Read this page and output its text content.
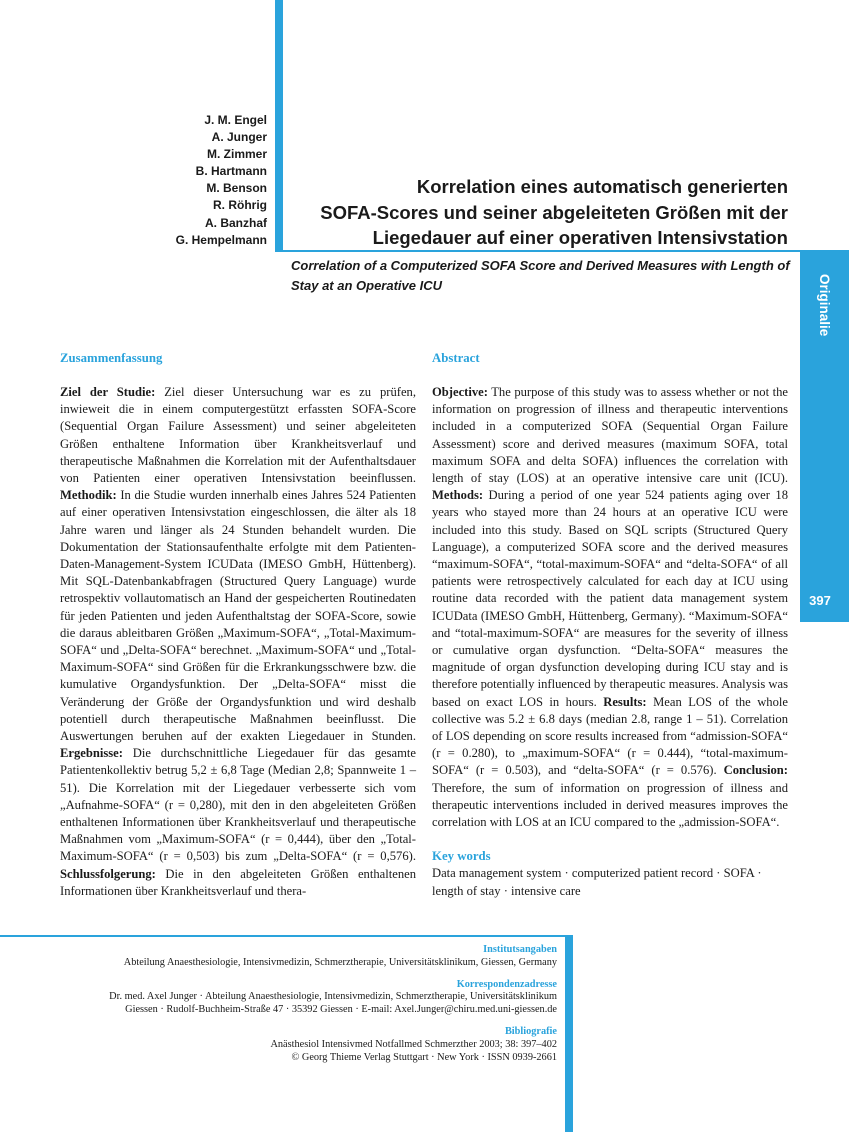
Originalie
397
J. M. Engel
A. Junger
M. Zimmer
B. Hartmann
M. Benson
R. Röhrig
A. Banzhaf
G. Hempelmann
Korrelation eines automatisch generierten
SOFA-Scores und seiner abgeleiteten Größen mit der
Liegedauer auf einer operativen Intensivstation
Correlation of a Computerized SOFA Score and Derived Measures with Length of Stay at an Operative ICU
Zusammenfassung
Ziel der Studie: Ziel dieser Untersuchung war es zu prüfen, inwieweit die in einem computergestützt erfassten SOFA-Score (Sequential Organ Failure Assessment) und seiner abgeleiteten Größen enthaltene Information über Krankheitsverlauf und therapeutische Maßnahmen die Korrelation mit der Aufenthaltsdauer von Patienten einer operativen Intensivstation beeinflussen. Methodik: In die Studie wurden innerhalb eines Jahres 524 Patienten auf einer operativen Intensivstation eingeschlossen, die älter als 18 Jahre waren und länger als 24 Stunden behandelt wurden. Die Dokumentation der Stationsaufenthalte erfolgte mit dem Patienten-Daten-Management-System ICUData (IMESO GmbH, Hüttenberg). Mit SQL-Datenbankabfragen (Structured Query Language) wurde retrospektiv vollautomatisch an Hand der gespeicherten Routinedaten für jeden Patienten und jeden Aufenthaltstag der SOFA-Score, sowie die daraus ableitbaren Größen „Maximum-SOFA“, „Total-Maximum-SOFA“ und „Delta-SOFA“ berechnet. „Maximum-SOFA“ und „Total-Maximum-SOFA“ sind Größen für die Erkrankungsschwere bzw. die kumulative Organdysfunktion. Der „Delta-SOFA“ misst die Veränderung der Größe der Organdysfunktion und wird deshalb potentiell durch therapeutische Maßnahmen beeinflusst. Die Auswertungen beruhen auf der exakten Liegedauer in Stunden. Ergebnisse: Die durchschnittliche Liegedauer für das gesamte Patientenkollektiv betrug 5,2 ± 6,8 Tage (Median 2,8; Spannweite 1 – 51). Die Korrelation mit der Liegedauer verbesserte sich vom „Aufnahme-SOFA“ (r = 0,280), mit den in den abgeleiteten Größen enthaltenen Informationen über Krankheitsverlauf und therapeutische Maßnahmen vom „Maximum-SOFA“ (r = 0,444), über den „Total-Maximum-SOFA“ (r = 0,503) bis zum „Delta-SOFA“ (r = 0,576). Schlussfolgerung: Die in den abgeleiteten Größen enthaltenen Informationen über Krankheitsverlauf und thera-
Abstract
Objective: The purpose of this study was to assess whether or not the information on progression of illness and therapeutic interventions included in a computerized SOFA (Sequential Organ Failure Assessment) score and derived measures (maximum SOFA, total maximum SOFA and delta SOFA) influences the correlation with length of stay (LOS) at an operative intensive care unit (ICU). Methods: During a period of one year 524 patients aging over 18 years who stayed more than 24 hours at an operative ICU were included into this study. Based on SQL scripts (Structured Query Language), a computerized SOFA score and the derived measures “maximum-SOFA“, “total-maximum-SOFA“ and “delta-SOFA“ of all patients were retrospectively calculated for each day at ICU using routine data recorded with the patient data management system ICUData (IMESO GmbH, Hüttenberg, Germany). “Maximum-SOFA“ and “total-maximum-SOFA“ are measures for the severity of illness or cumulative organ dysfunction. “Delta-SOFA“ measures the magnitude of organ dysfunction developing during ICU stay and is therefore potentially influenced by therapeutic measures. Analysis was based on exact LOS in hours. Results: Mean LOS of the whole collective was 5.2 ± 6.8 days (median 2.8, range 1 – 51). Correlation of LOS depending on score results increased from “admission-SOFA“ (r = 0.280), to „maximum-SOFA“ (r = 0.444), “total-maximum-SOFA“ (r = 0.503), and “delta-SOFA“ (r = 0.576). Conclusion: Therefore, the sum of information on progression of illness and therapeutic interventions included in derived measures improves the correlation with LOS at an ICU compared to the „admission-SOFA“.
Key words
Data management system · computerized patient record · SOFA · length of stay · intensive care
Institutsangaben
Abteilung Anaesthesiologie, Intensivmedizin, Schmerztherapie, Universitätsklinikum, Giessen, Germany
Korrespondenzadresse
Dr. med. Axel Junger · Abteilung Anaesthesiologie, Intensivmedizin, Schmerztherapie, Universitätsklinikum
Giessen · Rudolf-Buchheim-Straße 47 · 35392 Giessen · E-mail: Axel.Junger@chiru.med.uni-giessen.de
Bibliografie
Anästhesiol Intensivmed Notfallmed Schmerzther 2003; 38: 397–402
© Georg Thieme Verlag Stuttgart · New York · ISSN 0939-2661
